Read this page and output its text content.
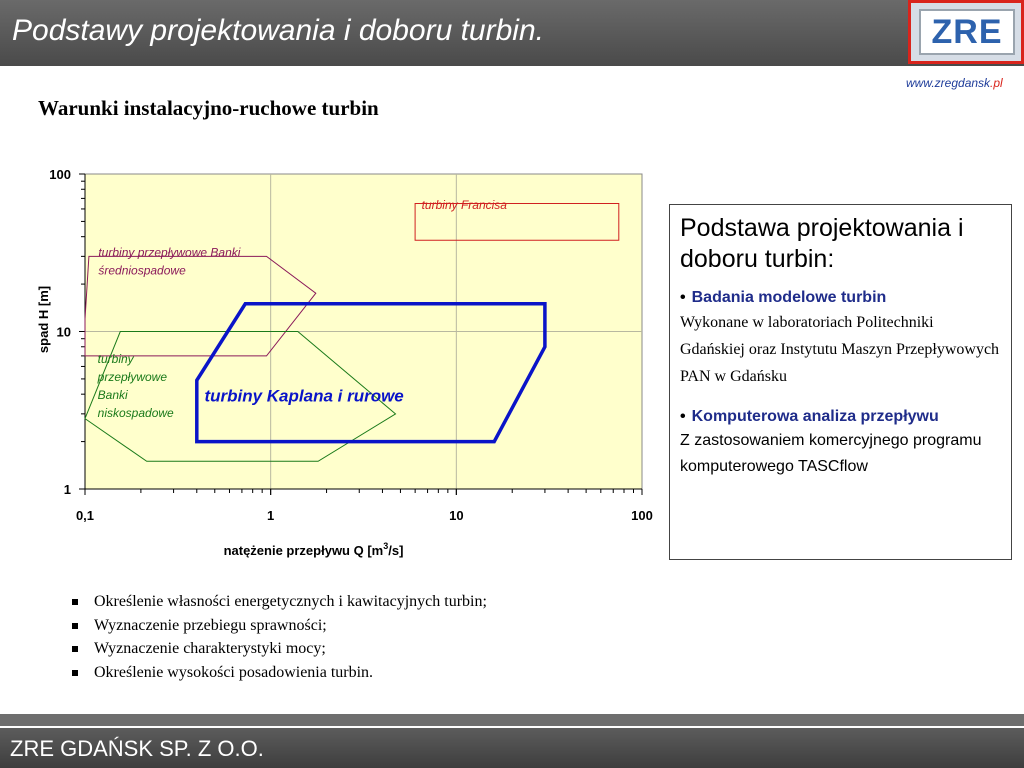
Podstawy projektowania i doboru turbin.	ZRE
www.zregdansk.pl
Warunki instalacyjno-ruchowe turbin
0,1	1	10	100
1
10
100
turbiny Francisa
turbiny przepływowe Banki
średniospadowe
turbiny
przepływowe
Banki
niskospadowe
turbiny Kaplana i rurowe
natężenie przepływu Q $[m^3/s]$
spad H [m]
Podstawa projektowania i doboru turbin:
• Badania modelowe turbin
Wykonane w laboratoriach Politechniki Gdańskiej oraz Instytutu Maszyn Przepływowych PAN w Gdańsku
• Komputerowa analiza przepływu
Z zastosowaniem komercyjnego programu komputerowego TASCflow
Określenie własności energetycznych i kawitacyjnych turbin;
Wyznaczenie przebiegu sprawności;
Wyznaczenie charakterystyki mocy;
Określenie wysokości posadowienia turbin.
ZRE GDAŃSK SP. Z O.O.
